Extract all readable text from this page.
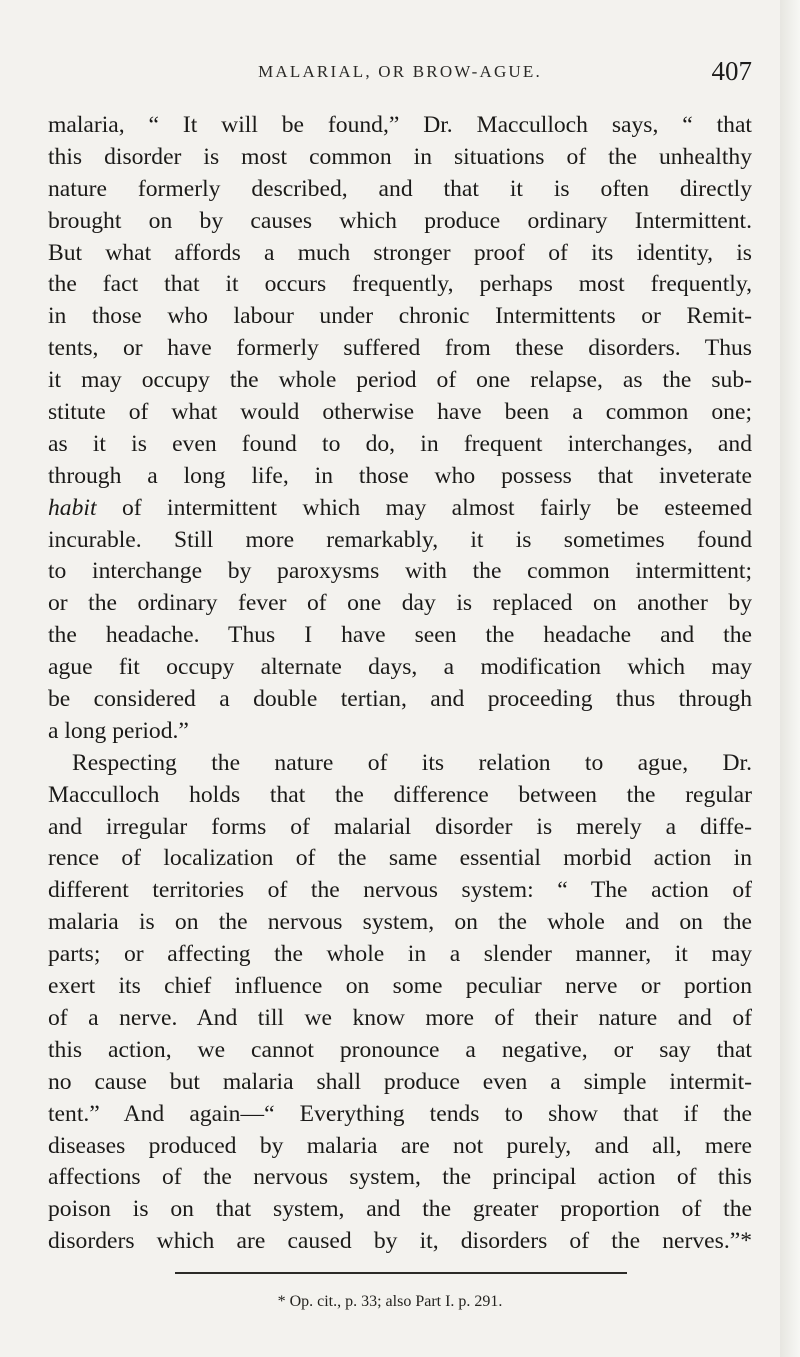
MALARIAL, OR BROW-AGUE.	407
malaria, “ It will be found,” Dr. Macculloch says, “ that
this disorder is most common in situations of the unhealthy
nature formerly described, and that it is often directly
brought on by causes which produce ordinary Intermittent.
But what affords a much stronger proof of its identity, is
the fact that it occurs frequently, perhaps most frequently,
in those who labour under chronic Intermittents or Remit-
tents, or have formerly suffered from these disorders. Thus
it may occupy the whole period of one relapse, as the sub-
stitute of what would otherwise have been a common one;
as it is even found to do, in frequent interchanges, and
through a long life, in those who possess that inveterate
habit of intermittent which may almost fairly be esteemed
incurable. Still more remarkably, it is sometimes found
to interchange by paroxysms with the common intermittent;
or the ordinary fever of one day is replaced on another by
the headache. Thus I have seen the headache and the
ague fit occupy alternate days, a modification which may
be considered a double tertian, and proceeding thus through
a long period.”
Respecting the nature of its relation to ague, Dr.
Macculloch holds that the difference between the regular
and irregular forms of malarial disorder is merely a diffe-
rence of localization of the same essential morbid action in
different territories of the nervous system: “ The action of
malaria is on the nervous system, on the whole and on the
parts; or affecting the whole in a slender manner, it may
exert its chief influence on some peculiar nerve or portion
of a nerve. And till we know more of their nature and of
this action, we cannot pronounce a negative, or say that
no cause but malaria shall produce even a simple intermit-
tent.” And again—“ Everything tends to show that if the
diseases produced by malaria are not purely, and all, mere
affections of the nervous system, the principal action of this
poison is on that system, and the greater proportion of the
disorders which are caused by it, disorders of the nerves.”*
* Op. cit., p. 33; also Part I. p. 291.
